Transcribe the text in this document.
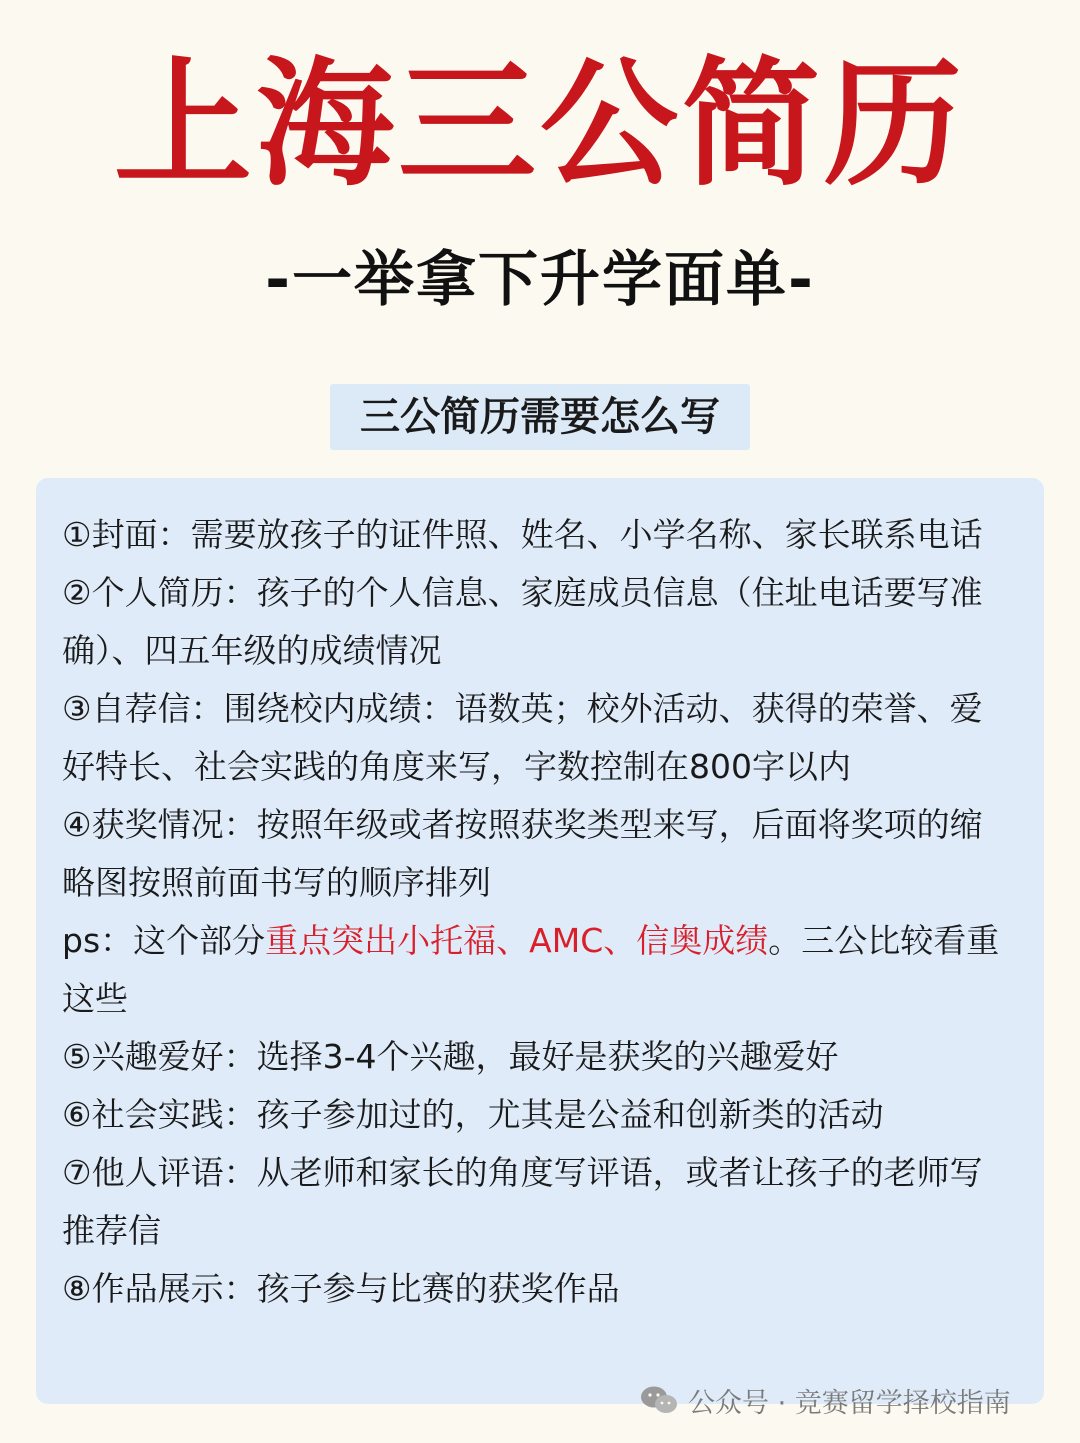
上海三公简历
-一举拿下升学面单-
三公简历需要怎么写

①封面：需要放孩子的证件照、姓名、小学名称、家长联系电话

②个人简历：孩子的个人信息、家庭成员信息（住址电话要写准确）、四五年级的成绩情况

③自荐信：围绕校内成绩：语数英；校外活动、获得的荣誉、爱好特长、社会实践的角度来写，字数控制在800字以内

④获奖情况：按照年级或者按照获奖类型来写，后面将奖项的缩略图按照前面书写的顺序排列

ps：这个部分重点突出小托福、AMC、信奥成绩。三公比较看重这些

⑤兴趣爱好：选择3-4个兴趣，最好是获奖的兴趣爱好

⑥社会实践：孩子参加过的，尤其是公益和创新类的活动

⑦他人评语：从老师和家长的角度写评语，或者让孩子的老师写推荐信

⑧作品展示：孩子参与比赛的获奖作品

公众号 · 竞赛留学择校指南
